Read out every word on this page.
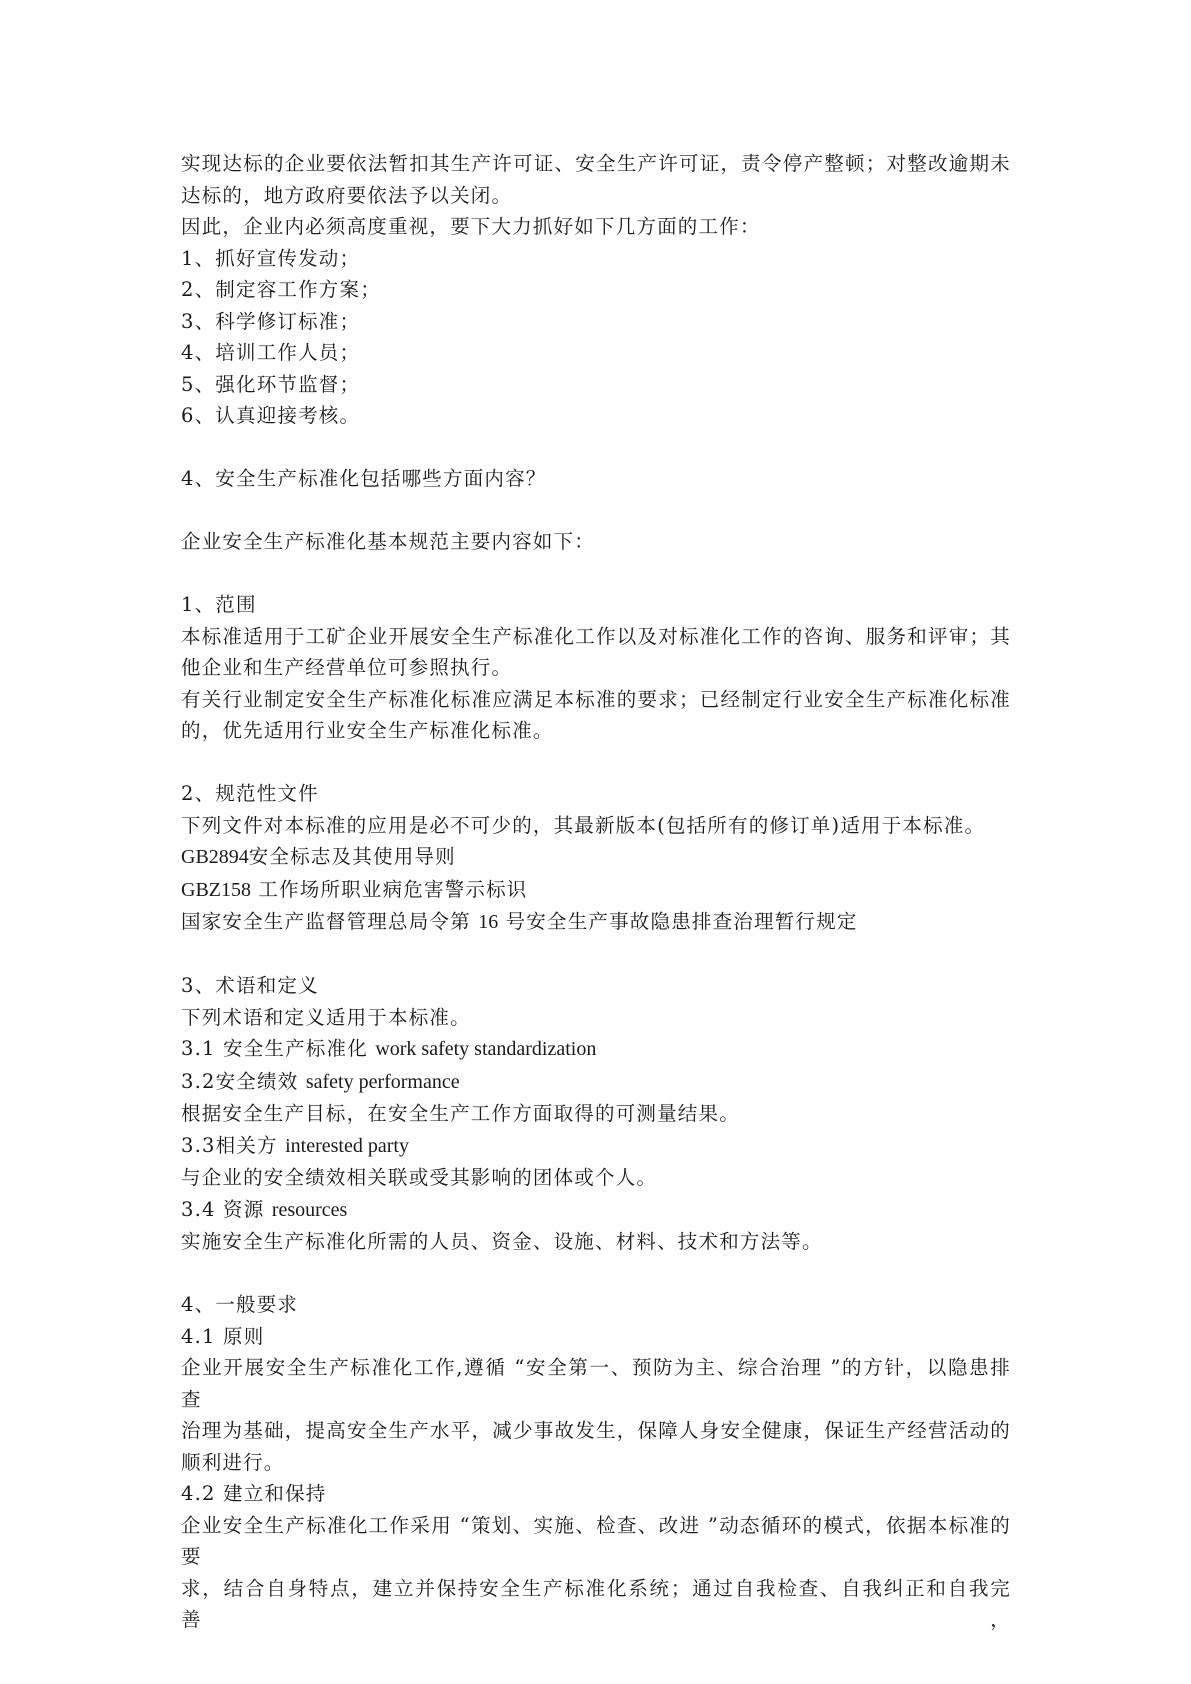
实现达标的企业要依法暂扣其生产许可证、安全生产许可证，责令停产整顿；对整改逾期未
达标的，地方政府要依法予以关闭。
因此，企业内必须高度重视，要下大力抓好如下几方面的工作：
1、抓好宣传发动；
2、制定容工作方案；
3、科学修订标准；
4、培训工作人员；
5、强化环节监督；
6、认真迎接考核。
4、安全生产标准化包括哪些方面内容？
企业安全生产标准化基本规范主要内容如下：
1、范围
本标准适用于工矿企业开展安全生产标准化工作以及对标准化工作的咨询、服务和评审；其
他企业和生产经营单位可参照执行。
有关行业制定安全生产标准化标准应满足本标准的要求；已经制定行业安全生产标准化标准
的，优先适用行业安全生产标准化标准。
2、规范性文件
下列文件对本标准的应用是必不可少的，其最新版本(包括所有的修订单)适用于本标准。
GB2894安全标志及其使用导则
GBZ158 工作场所职业病危害警示标识
国家安全生产监督管理总局令第 16 号安全生产事故隐患排查治理暂行规定
3、术语和定义
下列术语和定义适用于本标准。
3.1 安全生产标准化 work safety standardization
3.2安全绩效 safety performance
根据安全生产目标，在安全生产工作方面取得的可测量结果。
3.3相关方 interested party
与企业的安全绩效相关联或受其影响的团体或个人。
3.4 资源 resources
实施安全生产标准化所需的人员、资金、设施、材料、技术和方法等。
4、一般要求
4.1 原则
企业开展安全生产标准化工作,遵循 “安全第一、预防为主、综合治理 ”的方针，以隐患排查
治理为基础，提高安全生产水平，减少事故发生，保障人身安全健康，保证生产经营活动的
顺利进行。
4.2 建立和保持
企业安全生产标准化工作采用 “策划、实施、检查、改进 ”动态循环的模式，依据本标准的要
求，结合自身特点，建立并保持安全生产标准化系统；通过自我检查、自我纠正和自我完善，
